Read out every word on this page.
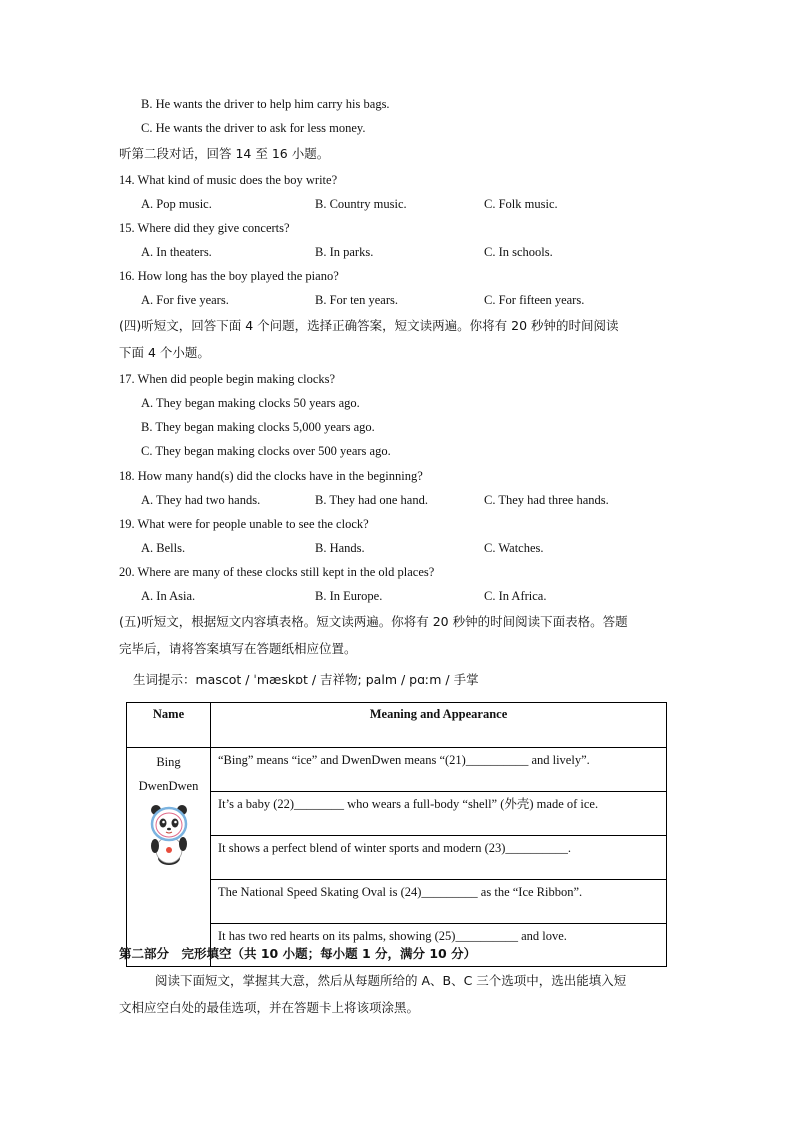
B. He wants the driver to help him carry his bags.
C. He wants the driver to ask for less money.
听第二段对话，回答 14 至 16 小题。
14. What kind of music does the boy write?
A. Pop music.	B. Country music.	C. Folk music.
15. Where did they give concerts?
A. In theaters.	B. In parks.	C. In schools.
16. How long has the boy played the piano?
A. For five years.	B. For ten years.	C. For fifteen years.
(四)听短文，回答下面 4 个问题，选择正确答案，短文读两遍。你将有 20 秒钟的时间阅读
下面 4 个小题。
17. When did people begin making clocks?
A. They began making clocks 50 years ago.
B. They began making clocks 5,000 years ago.
C. They began making clocks over 500 years ago.
18. How many hand(s) did the clocks have in the beginning?
A. They had two hands.	B. They had one hand.	C. They had three hands.
19. What were for people unable to see the clock?
A. Bells.	B. Hands.	C. Watches.
20. Where are many of these clocks still kept in the old places?
A. In Asia.	B. In Europe.	C. In Africa.
(五)听短文，根据短文内容填表格。短文读两遍。你将有 20 秒钟的时间阅读下面表格。答题
完毕后，请将答案填写在答题纸相应位置。
生词提示：mascot / ˈmæskɒt / 吉祥物; palm / pɑːm / 手掌
Name	Meaning and Appearance

Bing
DwenDwen	“Bing” means “ice” and DwenDwen means “(21)__________ and lively”.
	It’s a baby (22)________ who wears a full-body “shell” (外壳) made of ice.
	It shows a perfect blend of winter sports and modern (23)__________.
	The National Speed Skating Oval is (24)_________ as the “Ice Ribbon”.
	It has two red hearts on its palms, showing (25)__________ and love.
第二部分　完形填空（共 10 小题；每小题 1 分，满分 10 分）
阅读下面短文，掌握其大意，然后从每题所给的 A、B、C 三个选项中，选出能填入短
文相应空白处的最佳选项，并在答题卡上将该项涂黑。
